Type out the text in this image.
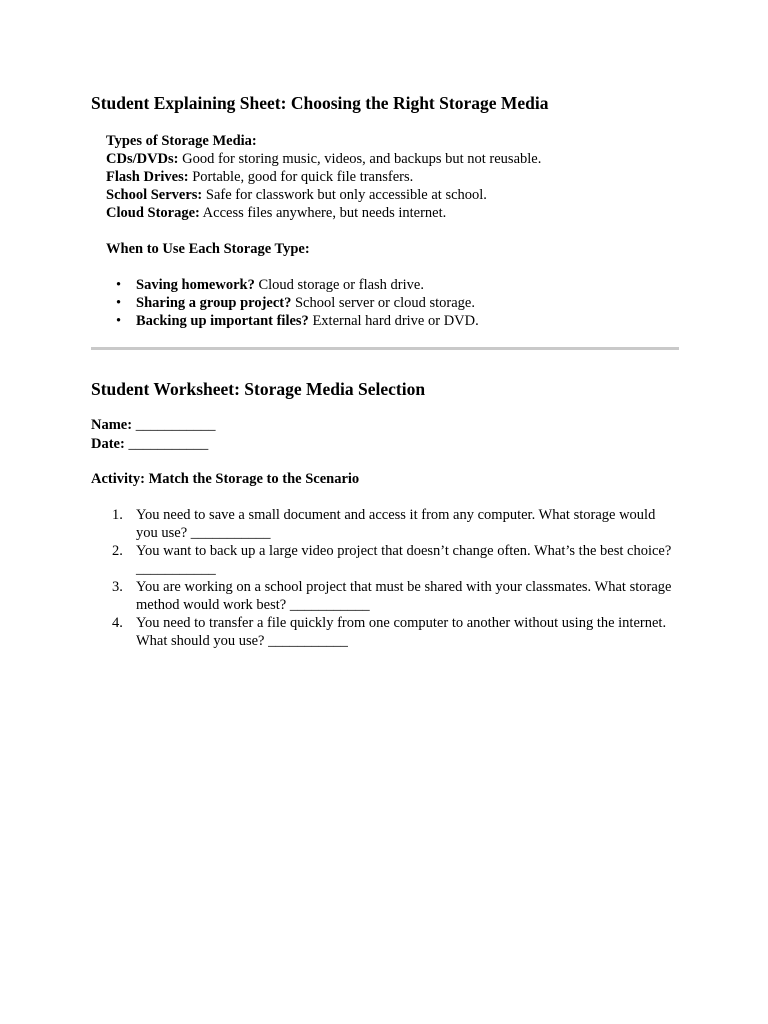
Student Explaining Sheet: Choosing the Right Storage Media

Types of Storage Media:

CDs/DVDs: Good for storing music, videos, and backups but not reusable.

Flash Drives: Portable, good for quick file transfers.

School Servers: Safe for classwork but only accessible at school.

Cloud Storage: Access files anywhere, but needs internet.

When to Use Each Storage Type:

• Saving homework? Cloud storage or flash drive.
• Sharing a group project? School server or cloud storage.
• Backing up important files? External hard drive or DVD.
Student Worksheet: Storage Media Selection

Name: ___________

Date: ___________

Activity: Match the Storage to the Scenario

1. You need to save a small document and access it from any computer. What storage would you use? ___________
2. You want to back up a large video project that doesn’t change often. What’s the best choice? ___________
3. You are working on a school project that must be shared with your classmates. What storage method would work best? ___________
4. You need to transfer a file quickly from one computer to another without using the internet. What should you use? ___________
